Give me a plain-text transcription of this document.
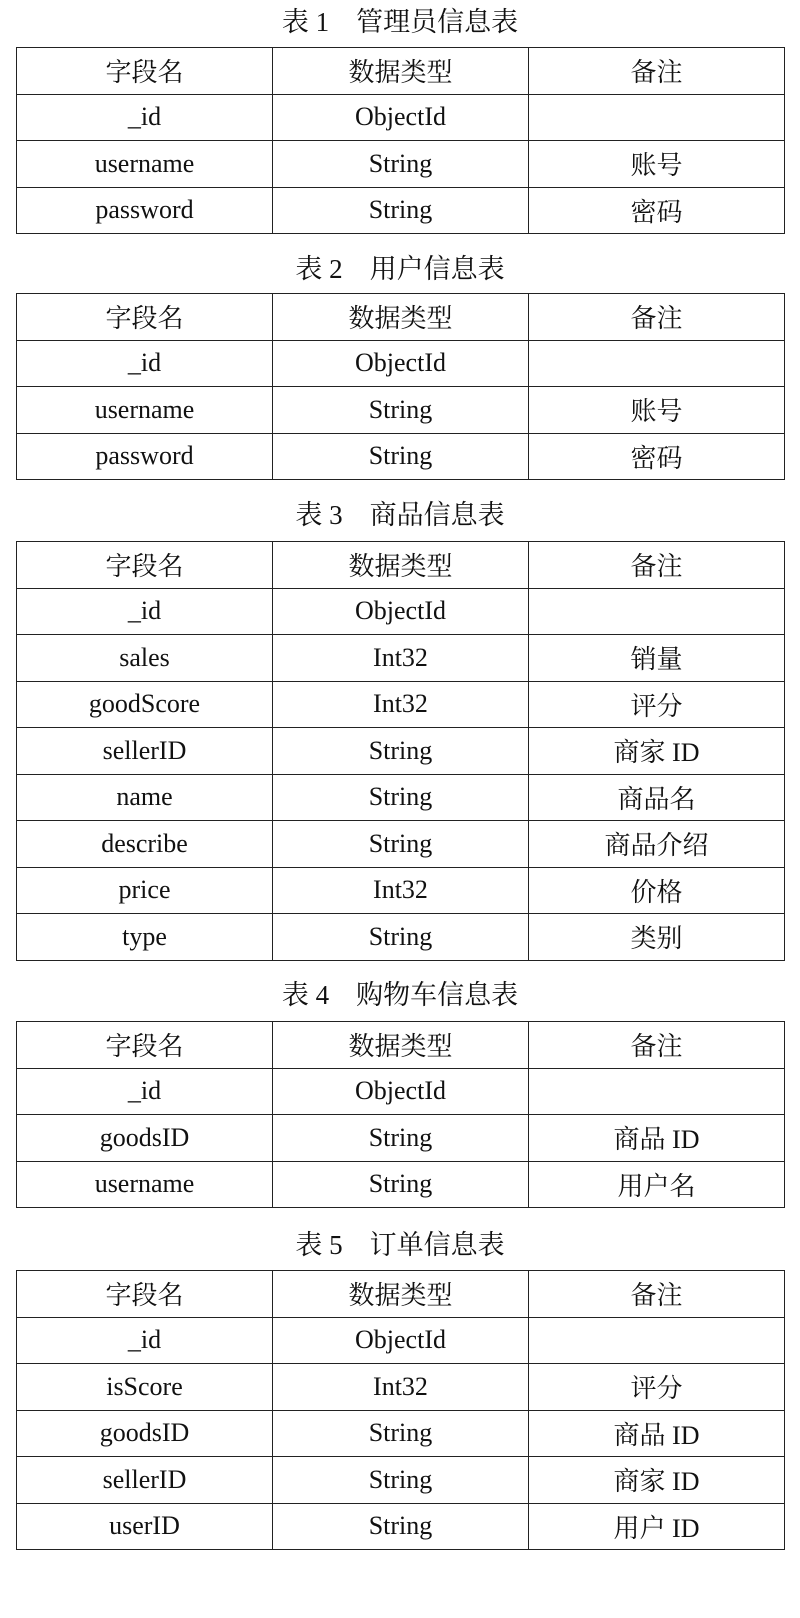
表 1　管理员信息表
字段名	数据类型	备注
_id	ObjectId	
username	String	账号
password	String	密码
表 2　用户信息表
字段名	数据类型	备注
_id	ObjectId	
username	String	账号
password	String	密码
表 3　商品信息表
字段名	数据类型	备注
_id	ObjectId	
sales	Int32	销量
goodScore	Int32	评分
sellerID	String	商家 ID
name	String	商品名
describe	String	商品介绍
price	Int32	价格
type	String	类别
表 4　购物车信息表
字段名	数据类型	备注
_id	ObjectId	
goodsID	String	商品 ID
username	String	用户名
表 5　订单信息表
字段名	数据类型	备注
_id	ObjectId	
isScore	Int32	评分
goodsID	String	商品 ID
sellerID	String	商家 ID
userID	String	用户 ID
